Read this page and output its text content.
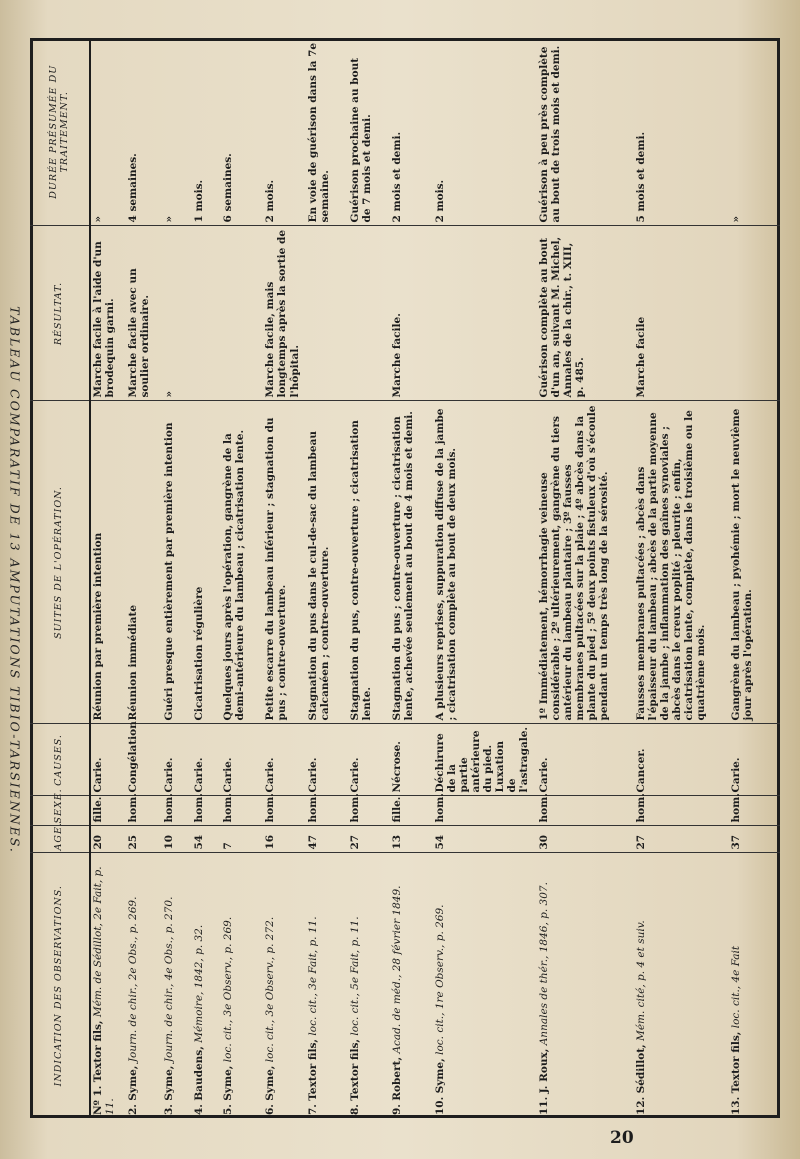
TABLEAU COMPARATIF DE 13 AMPUTATIONS TIBIO-TARSIENNES.
INDICATION DES OBSERVATIONS.	AGE.	SEXE.	CAUSES.	SUITES DE L'OPÉRATION.	RÉSULTAT.	DURÉE PRÉSUMÉE DU TRAITEMENT.
Nº 1. Textor fils, Mém. de Sédillot, 2e Fait, p. 11.	20	fille.	Carie.	Réunion par première intention	Marche facile à l'aide d'un brodequin garni.	»
2. Syme, Journ. de chir., 2e Obs., p. 269.	25	hom.	Congélation	Réunion immédiate	Marche facile avec un soulier ordinaire.	4 semaines.
3. Syme, Journ. de chir., 4e Obs., p. 270.	10	hom.	Carie.	Guéri presque entièrement par première intention	»	»
4. Baudens, Mémoire, 1842, p. 32.	54	hom.	Carie.	Cicatrisation régulière		1 mois.
5. Syme, loc. cit., 3e Observ., p. 269.	7	hom.	Carie.	Quelques jours après l'opération, gangrène de la demi-antérieure du lambeau ; cicatrisation lente.		6 semaines.
6. Syme, loc. cit., 3e Observ., p. 272.	16	hom.	Carie.	Petite escarre du lambeau inférieur ; stagnation du pus ; contre-ouverture.	Marche facile, mais longtemps après la sortie de l'hôpital.	2 mois.
7. Textor fils, loc. cit., 3e Fait, p. 11.	47	hom.	Carie.	Stagnation du pus dans le cul-de-sac du lambeau calcanéen ; contre-ouverture.		En voie de guérison dans la 7e semaine.
8. Textor fils, loc. cit., 5e Fait, p. 11.	27	hom.	Carie.	Stagnation du pus, contre-ouverture ; cicatrisation lente.		Guérison prochaine au bout de 7 mois et demi.
9. Robert, Acad. de méd., 28 février 1849.	13	fille.	Nécrose.	Stagnation du pus ; contre-ouverture ; cicatrisation lente, achevée seulement au bout de 4 mois et demi.	Marche facile.	2 mois et demi.
10. Syme, loc. cit., 1re Observ., p. 269.	54	hom.	Déchirure de la partie antérieure du pied. Luxation de l'astragale.	A plusieurs reprises, suppuration diffuse de la jambe ; cicatrisation complète au bout de deux mois.		2 mois.
11. J. Roux, Annales de thér., 1846, p. 307.	30	hom.	Carie.	1º Immédiatement, hémorrhagie veineuse considérable ; 2º ultérieurement, gangrène du tiers antérieur du lambeau plantaire ; 3º fausses membranes pultacées sur la plaie ; 4º abcès dans la plante du pied ; 5º deux points fistuleux d'où s'écoule pendant un temps très long de la sérosité.	Guérison complète au bout d'un an, suivant M. Michel, Annales de la chir., t. XIII, p. 485.	Guérison à peu près complète au bout de trois mois et demi.
12. Sédillot, Mém. cité, p. 4 et suiv.	27	hom.	Cancer.	Fausses membranes pultacées ; abcès dans l'épaisseur du lambeau ; abcès de la partie moyenne de la jambe ; inflammation des gaînes synoviales ; abcès dans le creux poplité ; pleurite ; enfin, cicatrisation lente, complète, dans le troisième ou le quatrième mois.	Marche facile	5 mois et demi.
13. Textor fils, loc. cit., 4e Fait	37	hom.	Carie.	Gangrène du lambeau ; pyohémie ; mort le neuvième jour après l'opération.		»
20
